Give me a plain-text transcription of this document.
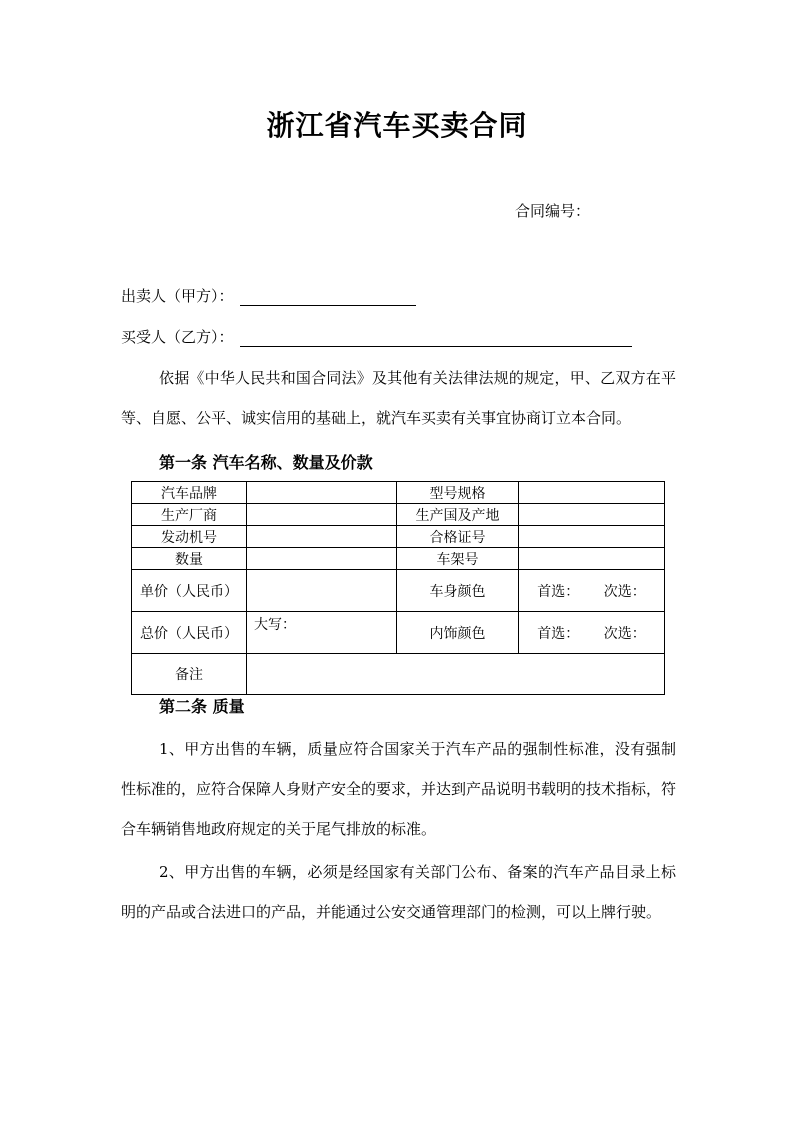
浙江省汽车买卖合同
合同编号：
出卖人（甲方）：
买受人（乙方）：

依据《中华人民共和国合同法》及其他有关法律法规的规定，甲、乙双方在平等、自愿、公平、诚实信用的基础上，就汽车买卖有关事宜协商订立本合同。

第一条 汽车名称、数量及价款
汽车品牌		型号规格	
生产厂商		生产国及产地	
发动机号		合格证号	
数量		车架号	
单价（人民币）		车身颜色	首选： 次选：

总价（人民币）	大写：	内饰颜色	首选： 次选：

备注			
第二条 质量

1、甲方出售的车辆，质量应符合国家关于汽车产品的强制性标准，没有强制性标准的，应符合保障人身财产安全的要求，并达到产品说明书载明的技术指标，符合车辆销售地政府规定的关于尾气排放的标准。

2、甲方出售的车辆，必须是经国家有关部门公布、备案的汽车产品目录上标明的产品或合法进口的产品，并能通过公安交通管理部门的检测，可以上牌行驶。
